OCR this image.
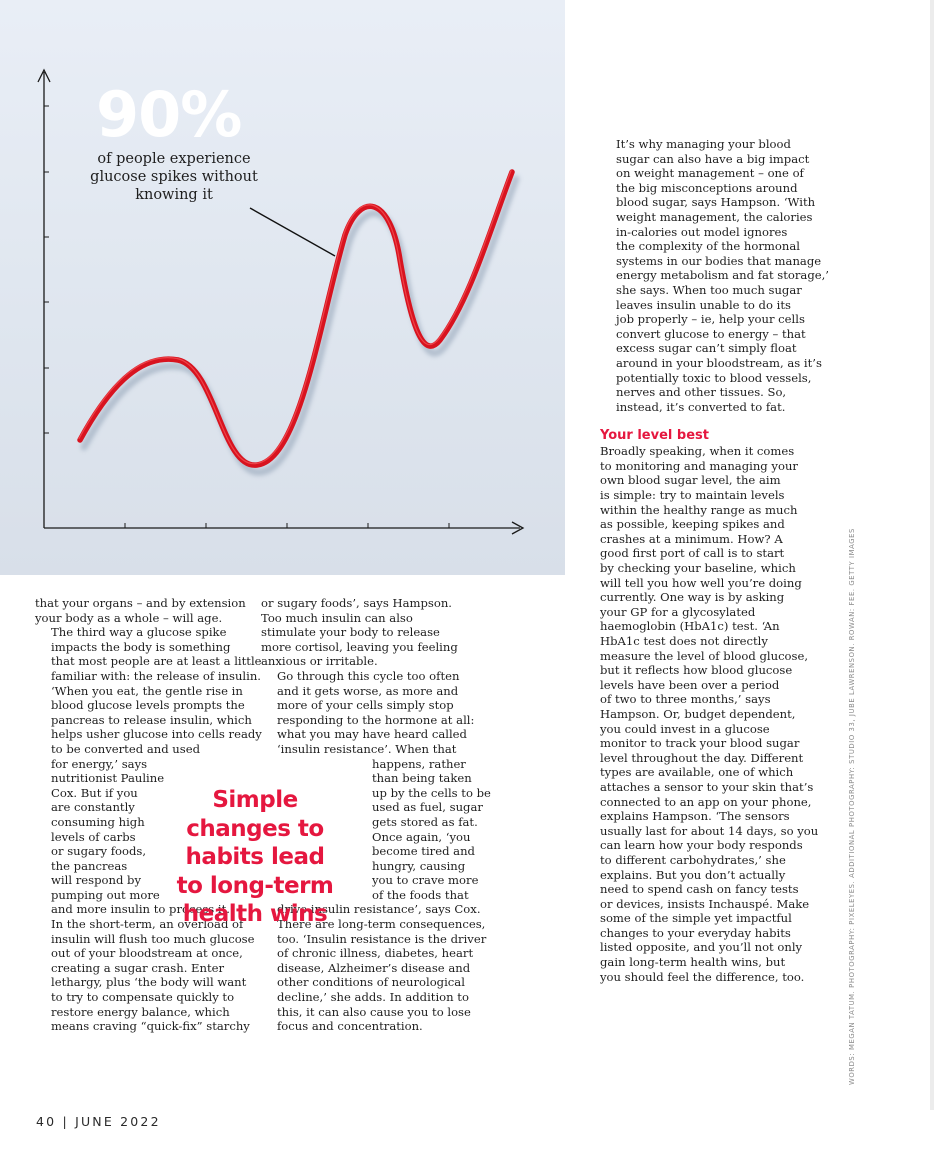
90%
of people experience glucose spikes without knowing it

that your organs – and by extension
your body as a whole – will age.

The third way a glucose spike
impacts the body is something
that most people are at least a little
familiar with: the release of insulin.
‘When you eat, the gentle rise in
blood glucose levels prompts the
pancreas to release insulin, which
helps usher glucose into cells ready
to be converted and used
for energy,’ says
nutritionist Pauline
Cox. But if you
are constantly
consuming high
levels of carbs
or sugary foods,
the pancreas
will respond by
pumping out more
and more insulin to process it.
In the short-term, an overload of
insulin will flush too much glucose
out of your bloodstream at once,
creating a sugar crash. Enter
lethargy, plus ‘the body will want
to try to compensate quickly to
restore energy balance, which
means craving “quick-fix” starchy

or sugary foods’, says Hampson.
Too much insulin can also
stimulate your body to release
more cortisol, leaving you feeling
anxious or irritable.

Go through this cycle too often
and it gets worse, as more and
more of your cells simply stop
responding to the hormone at all:
what you may have heard called
‘insulin resistance’. When that
happens, rather
than being taken
up by the cells to be
used as fuel, sugar
gets stored as fat.
Once again, ‘you
become tired and
hungry, causing
you to crave more
of the foods that
drive insulin resistance’, says Cox.
There are long-term consequences,
too. ‘Insulin resistance is the driver
of chronic illness, diabetes, heart
disease, Alzheimer’s disease and
other conditions of neurological
decline,’ she adds. In addition to
this, it can also cause you to lose
focus and concentration.

Simple
changes to
habits lead
to long-term
health wins

It’s why managing your blood
sugar can also have a big impact
on weight management – one of
the big misconceptions around
blood sugar, says Hampson. ‘With
weight management, the calories
in-calories out model ignores
the complexity of the hormonal
systems in our bodies that manage
energy metabolism and fat storage,’
she says. When too much sugar
leaves insulin unable to do its
job properly – ie, help your cells
convert glucose to energy – that
excess sugar can’t simply float
around in your bloodstream, as it’s
potentially toxic to blood vessels,
nerves and other tissues. So,
instead, it’s converted to fat.

Your level best

Broadly speaking, when it comes
to monitoring and managing your
own blood sugar level, the aim
is simple: try to maintain levels
within the healthy range as much
as possible, keeping spikes and
crashes at a minimum. How? A
good first port of call is to start
by checking your baseline, which
will tell you how well you’re doing
currently. One way is by asking
your GP for a glycosylated
haemoglobin (HbA1c) test. ‘An
HbA1c test does not directly
measure the level of blood glucose,
but it reflects how blood glucose
levels have been over a period
of two to three months,’ says
Hampson. Or, budget dependent,
you could invest in a glucose
monitor to track your blood sugar
level throughout the day. Different
types are available, one of which
attaches a sensor to your skin that’s
connected to an app on your phone,
explains Hampson. ‘The sensors
usually last for about 14 days, so you
can learn how your body responds
to different carbohydrates,’ she
explains. But you don’t actually
need to spend cash on fancy tests
or devices, insists Inchauspé. Make
some of the simple yet impactful
changes to your everyday habits
listed opposite, and you’ll not only
gain long-term health wins, but
you should feel the difference, too.	WORDS: MEGAN TATUM. PHOTOGRAPHY: PIXELEYES. ADDITIONAL PHOTOGRAPHY: STUDIO 33, JUBE LAWRENSON. ROWAN: FEE. GETTY IMAGES
40 | JUNE 2022
